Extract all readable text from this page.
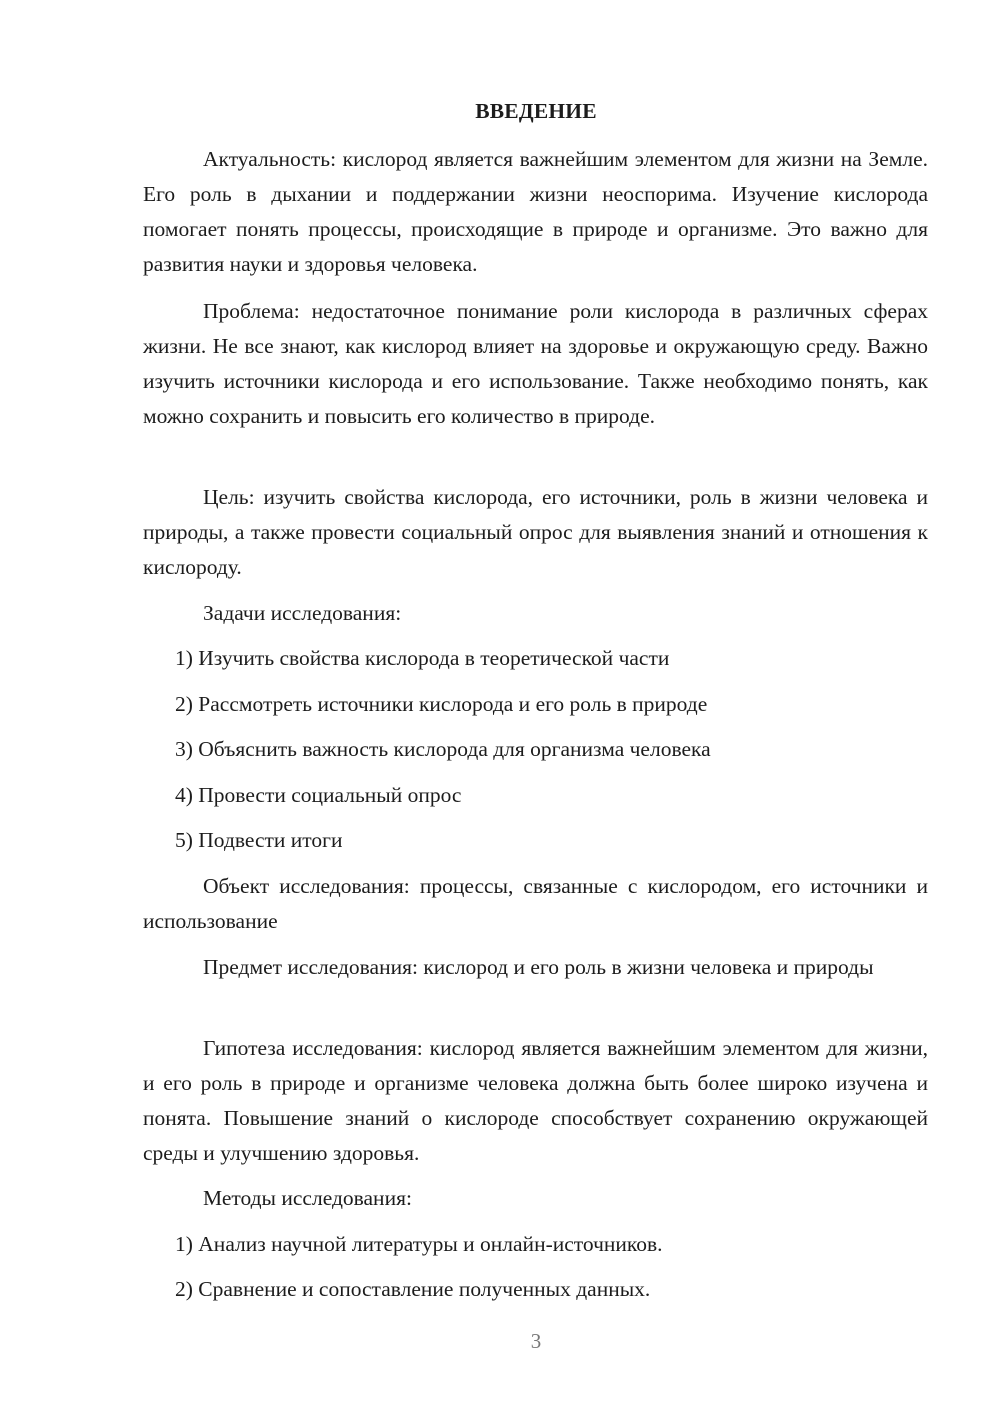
ВВЕДЕНИЕ

Актуальность: кислород является важнейшим элементом для жизни на Земле. Его роль в дыхании и поддержании жизни неоспорима. Изучение кислорода помогает понять процессы, происходящие в природе и организме. Это важно для развития науки и здоровья человека.

Проблема: недостаточное понимание роли кислорода в различных сферах жизни. Не все знают, как кислород влияет на здоровье и окружающую среду. Важно изучить источники кислорода и его использование. Также необходимо понять, как можно сохранить и повысить его количество в природе.

Цель: изучить свойства кислорода, его источники, роль в жизни человека и природы, а также провести социальный опрос для выявления знаний и отношения к кислороду.

Задачи исследования:

1) Изучить свойства кислорода в теоретической части

2) Рассмотреть источники кислорода и его роль в природе

3) Объяснить важность кислорода для организма человека

4) Провести социальный опрос

5) Подвести итоги

Объект исследования: процессы, связанные с кислородом, его источники и использование

Предмет исследования: кислород и его роль в жизни человека и природы

Гипотеза исследования: кислород является важнейшим элементом для жизни, и его роль в природе и организме человека должна быть более широко изучена и понята. Повышение знаний о кислороде способствует сохранению окружающей среды и улучшению здоровья.

Методы исследования:

1) Анализ научной литературы и онлайн-источников.

2) Сравнение и сопоставление полученных данных.

3
